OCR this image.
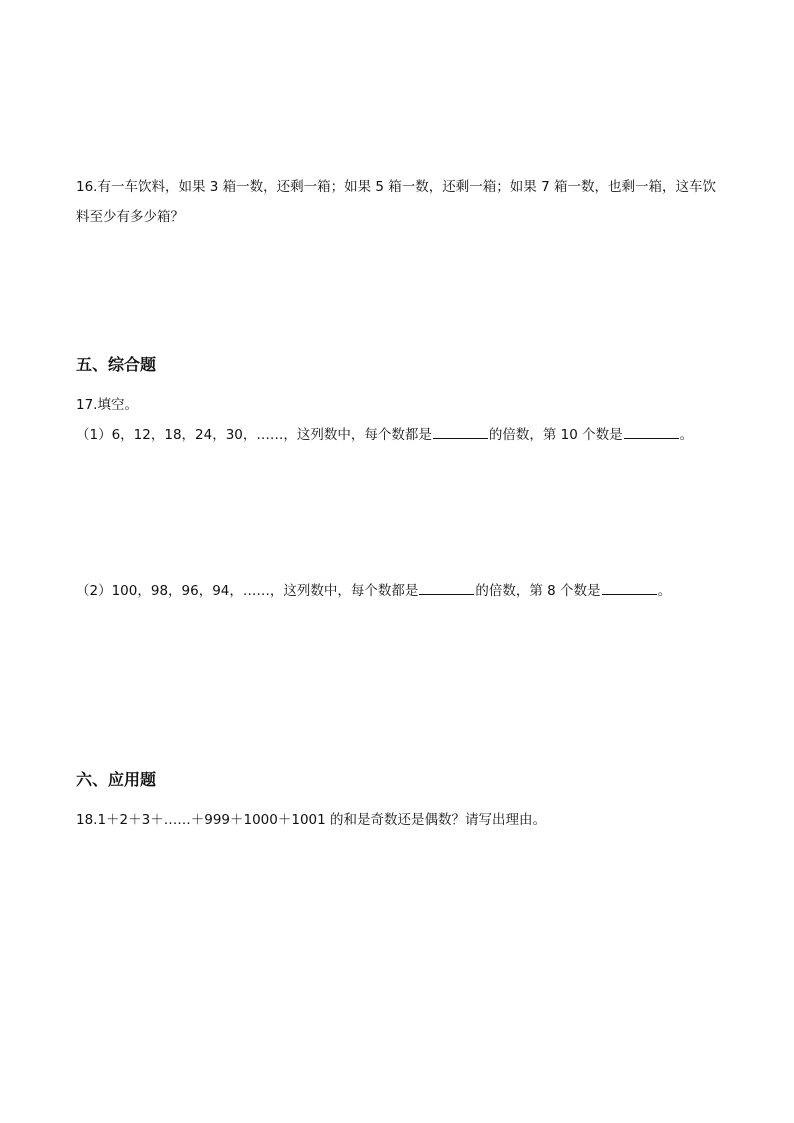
16.有一车饮料，如果 3 箱一数，还剩一箱；如果 5 箱一数，还剩一箱；如果 7 箱一数，也剩一箱，这车饮料至少有多少箱？

五、综合题

17.填空。

（1）6，12，18，24，30，……，这列数中，每个数都是	的倍数，第 10 个数是	。

（2）100，98，96，94，……，这列数中，每个数都是	的倍数，第 8 个数是	。

六、应用题

18.1＋2＋3＋……＋999＋1000＋1001 的和是奇数还是偶数？请写出理由。
